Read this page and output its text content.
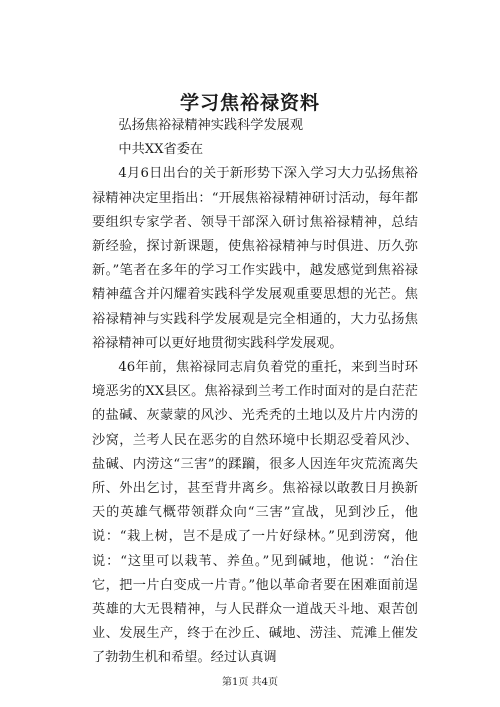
学习焦裕禄资料

弘扬焦裕禄精神实践科学发展观

中共XX省委在

4月6日出台的关于新形势下深入学习大力弘扬焦裕禄精神决定里指出：“开展焦裕禄精神研讨活动，每年都要组织专家学者、领导干部深入研讨焦裕禄精神，总结新经验，探讨新课题，使焦裕禄精神与时俱进、历久弥新。”笔者在多年的学习工作实践中，越发感觉到焦裕禄精神蕴含并闪耀着实践科学发展观重要思想的光芒。焦裕禄精神与实践科学发展观是完全相通的，大力弘扬焦裕禄精神可以更好地贯彻实践科学发展观。

46年前，焦裕禄同志肩负着党的重托，来到当时环境恶劣的XX县区。焦裕禄到兰考工作时面对的是白茫茫的盐碱、灰蒙蒙的风沙、光秃秃的土地以及片片内涝的沙窝，兰考人民在恶劣的自然环境中长期忍受着风沙、盐碱、内涝这“三害”的蹂躏，很多人因连年灾荒流离失所、外出乞讨，甚至背井离乡。焦裕禄以敢教日月换新天的英雄气概带领群众向“三害”宣战，见到沙丘，他说：“栽上树，岂不是成了一片好绿林。”见到涝窝，他说：“这里可以栽苇、养鱼。”见到碱地，他说：“治住它，把一片白变成一片青。”他以革命者要在困难面前逞英雄的大无畏精神，与人民群众一道战天斗地、艰苦创业、发展生产，终于在沙丘、碱地、涝洼、荒滩上催发了勃勃生机和希望。经过认真调

第1页 共4页
